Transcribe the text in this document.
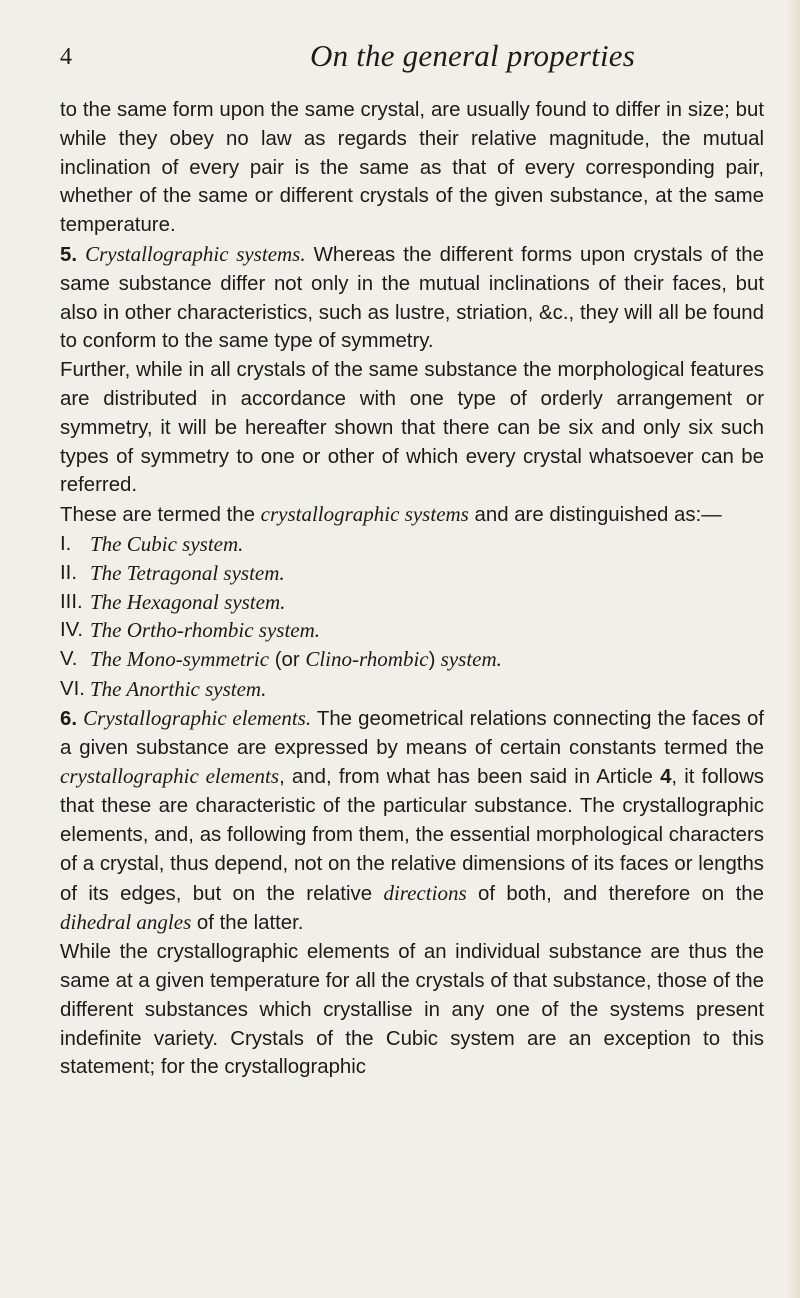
4	On the general properties

to the same form upon the same crystal, are usually found to differ in size; but while they obey no law as regards their relative magnitude, the mutual inclination of every pair is the same as that of every corresponding pair, whether of the same or different crystals of the given substance, at the same temperature.

5. Crystallographic systems. Whereas the different forms upon crystals of the same substance differ not only in the mutual inclinations of their faces, but also in other characteristics, such as lustre, striation, &c., they will all be found to conform to the same type of symmetry.

Further, while in all crystals of the same substance the morphological features are distributed in accordance with one type of orderly arrangement or symmetry, it will be hereafter shown that there can be six and only six such types of symmetry to one or other of which every crystal whatsoever can be referred.

These are termed the crystallographic systems and are distinguished as:—

I. The Cubic system.
II. The Tetragonal system.
III. The Hexagonal system.
IV. The Ortho-rhombic system.
V. The Mono-symmetric (or Clino-rhombic) system.
VI. The Anorthic system.

6. Crystallographic elements. The geometrical relations connecting the faces of a given substance are expressed by means of certain constants termed the crystallographic elements, and, from what has been said in Article 4, it follows that these are characteristic of the particular substance. The crystallographic elements, and, as following from them, the essential morphological characters of a crystal, thus depend, not on the relative dimensions of its faces or lengths of its edges, but on the relative directions of both, and therefore on the dihedral angles of the latter.

While the crystallographic elements of an individual substance are thus the same at a given temperature for all the crystals of that substance, those of the different substances which crystallise in any one of the systems present indefinite variety. Crystals of the Cubic system are an exception to this statement; for the crystallographic
